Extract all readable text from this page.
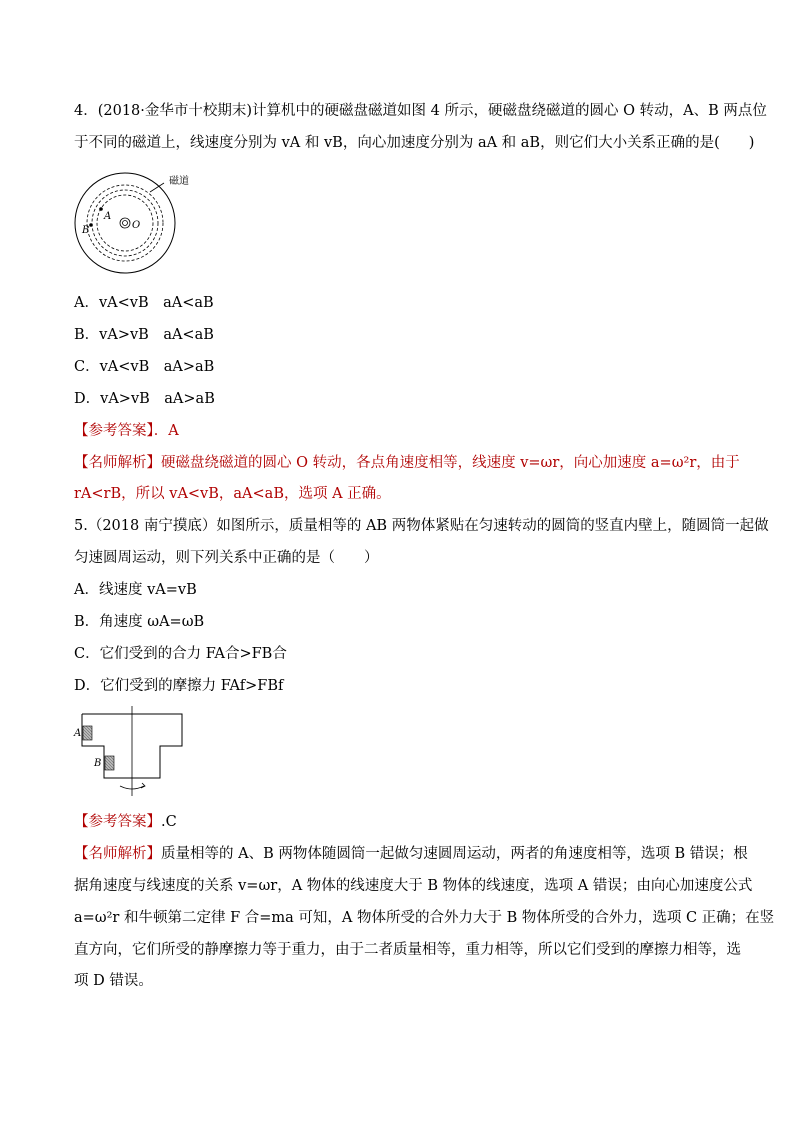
4．(2018·金华市十校期末)计算机中的硬磁盘磁道如图 4 所示，硬磁盘绕磁道的圆心 O 转动，A、B 两点位
于不同的磁道上，线速度分别为 vA 和 vB，向心加速度分别为 aA 和 aB，则它们大小关系正确的是(　　)
磁道
A
B	O
A．vA<vB　aA<aB
B．vA>vB　aA<aB
C．vA<vB　aA>aB
D．vA>vB　aA>aB
【参考答案】．A
【名师解析】硬磁盘绕磁道的圆心 O 转动，各点角速度相等，线速度 v=ωr，向心加速度 a=ω²r，由于
rA<rB，所以 vA<vB，aA<aB，选项 A 正确。
5.（2018 南宁摸底）如图所示，质量相等的 AB 两物体紧贴在匀速转动的圆筒的竖直内壁上，随圆筒一起做
匀速圆周运动，则下列关系中正确的是（　　）
A．线速度 vA=vB
B．角速度 ωA=ωB
C．它们受到的合力 FA合>FB合
D．它们受到的摩擦力 FAf>FBf
A
B
【参考答案】.C
【名师解析】质量相等的 A、B 两物体随圆筒一起做匀速圆周运动，两者的角速度相等，选项 B 错误；根
据角速度与线速度的关系 v=ωr，A 物体的线速度大于 B 物体的线速度，选项 A 错误；由向心加速度公式
a=ω²r 和牛顿第二定律 F 合=ma 可知，A 物体所受的合外力大于 B 物体所受的合外力，选项 C 正确；在竖
直方向，它们所受的静摩擦力等于重力，由于二者质量相等，重力相等，所以它们受到的摩擦力相等，选
项 D 错误。
